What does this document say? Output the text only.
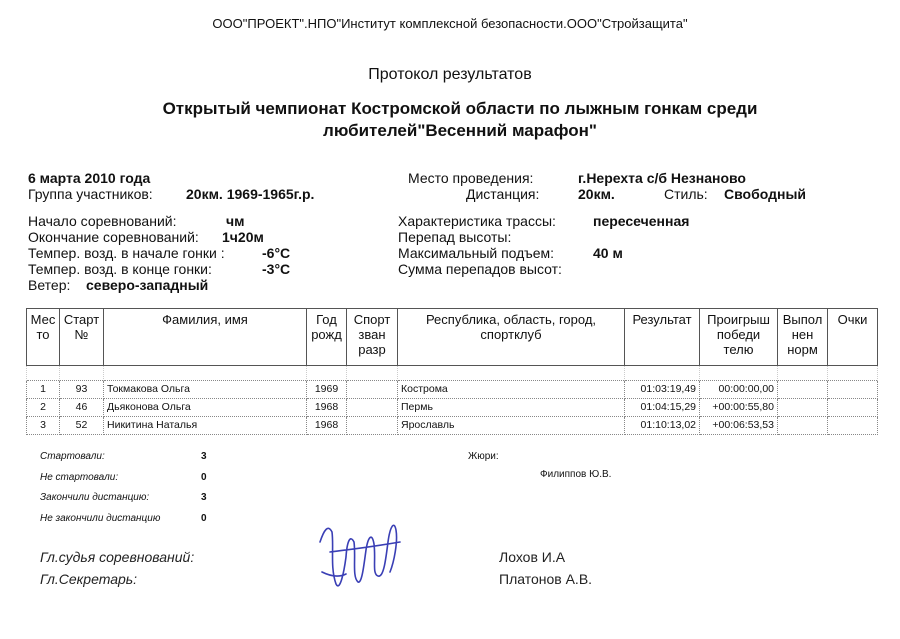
ООО"ПРОЕКТ".НПО"Институт комплексной безопасности.ООО"Стройзащита"
Протокол результатов
Открытый чемпионат Костромской области по лыжным гонкам среди любителей"Весенний марафон"
6 марта 2010 года
Группа участников: 20км. 1969-1965г.р.
Начало соревнований:	чм
Окончание соревнований: 1ч20м
Темпер. возд. в начале гонки :	-6°С
Темпер. возд. в конце гонки:	-3°С
Ветер: северо-западный
Место проведения:	г.Нерехта с/б Незнаново
Дистанция:	20км.	Стиль: Свободный
Характеристика трассы:	пересеченная
Перепад высоты:
Максимальный подъем:	40 м
Сумма перепадов высот:
Мес то	Старт №	Фамилия, имя	Год рожд	Спорт зван разр	Республика, область, город, спортклуб	Результат	Проигрыш победи телю	Выпол нен норм	Очки

1	93	Токмакова Ольга	1969		Кострома	01:03:19,49	00:00:00,00		
2	46	Дьяконова Ольга	1968		Пермь	01:04:15,29	+00:00:55,80		
3	52	Никитина Наталья	1968		Ярославль	01:10:13,02	+00:06:53,53		
Стартовали:	3
Не стартовали:	0
Закончили дистанцию:	3
Не закончили дистанцию	0
Жюри:
Филиппов Ю.В.
Гл.судья соревнований:	Лохов И.А
Гл.Секретарь:	Платонов А.В.
